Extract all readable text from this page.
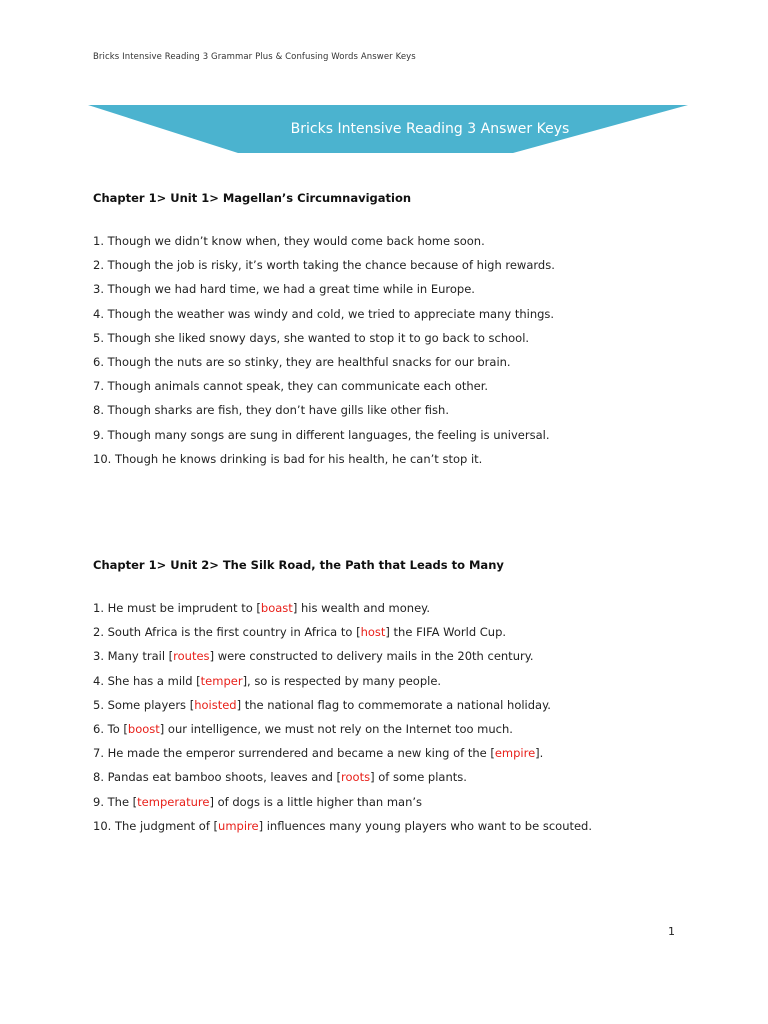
Bricks Intensive Reading 3 Grammar Plus & Confusing Words Answer Keys
Bricks Intensive Reading 3 Answer Keys
Chapter 1> Unit 1> Magellan’s Circumnavigation
1. Though we didn’t know when, they would come back home soon.
2. Though the job is risky, it’s worth taking the chance because of high rewards.
3. Though we had hard time, we had a great time while in Europe.
4. Though the weather was windy and cold, we tried to appreciate many things.
5. Though she liked snowy days, she wanted to stop it to go back to school.
6. Though the nuts are so stinky, they are healthful snacks for our brain.
7. Though animals cannot speak, they can communicate each other.
8. Though sharks are fish, they don’t have gills like other fish.
9. Though many songs are sung in different languages, the feeling is universal.
10. Though he knows drinking is bad for his health, he can’t stop it.
Chapter 1> Unit 2> The Silk Road, the Path that Leads to Many
1. He must be imprudent to [boast] his wealth and money.
2. South Africa is the first country in Africa to [host] the FIFA World Cup.
3. Many trail [routes] were constructed to delivery mails in the 20th century.
4. She has a mild [temper], so is respected by many people.
5. Some players [hoisted] the national flag to commemorate a national holiday.
6. To [boost] our intelligence, we must not rely on the Internet too much.
7. He made the emperor surrendered and became a new king of the [empire].
8. Pandas eat bamboo shoots, leaves and [roots] of some plants.
9. The [temperature] of dogs is a little higher than man’s
10. The judgment of [umpire] influences many young players who want to be scouted.
1
